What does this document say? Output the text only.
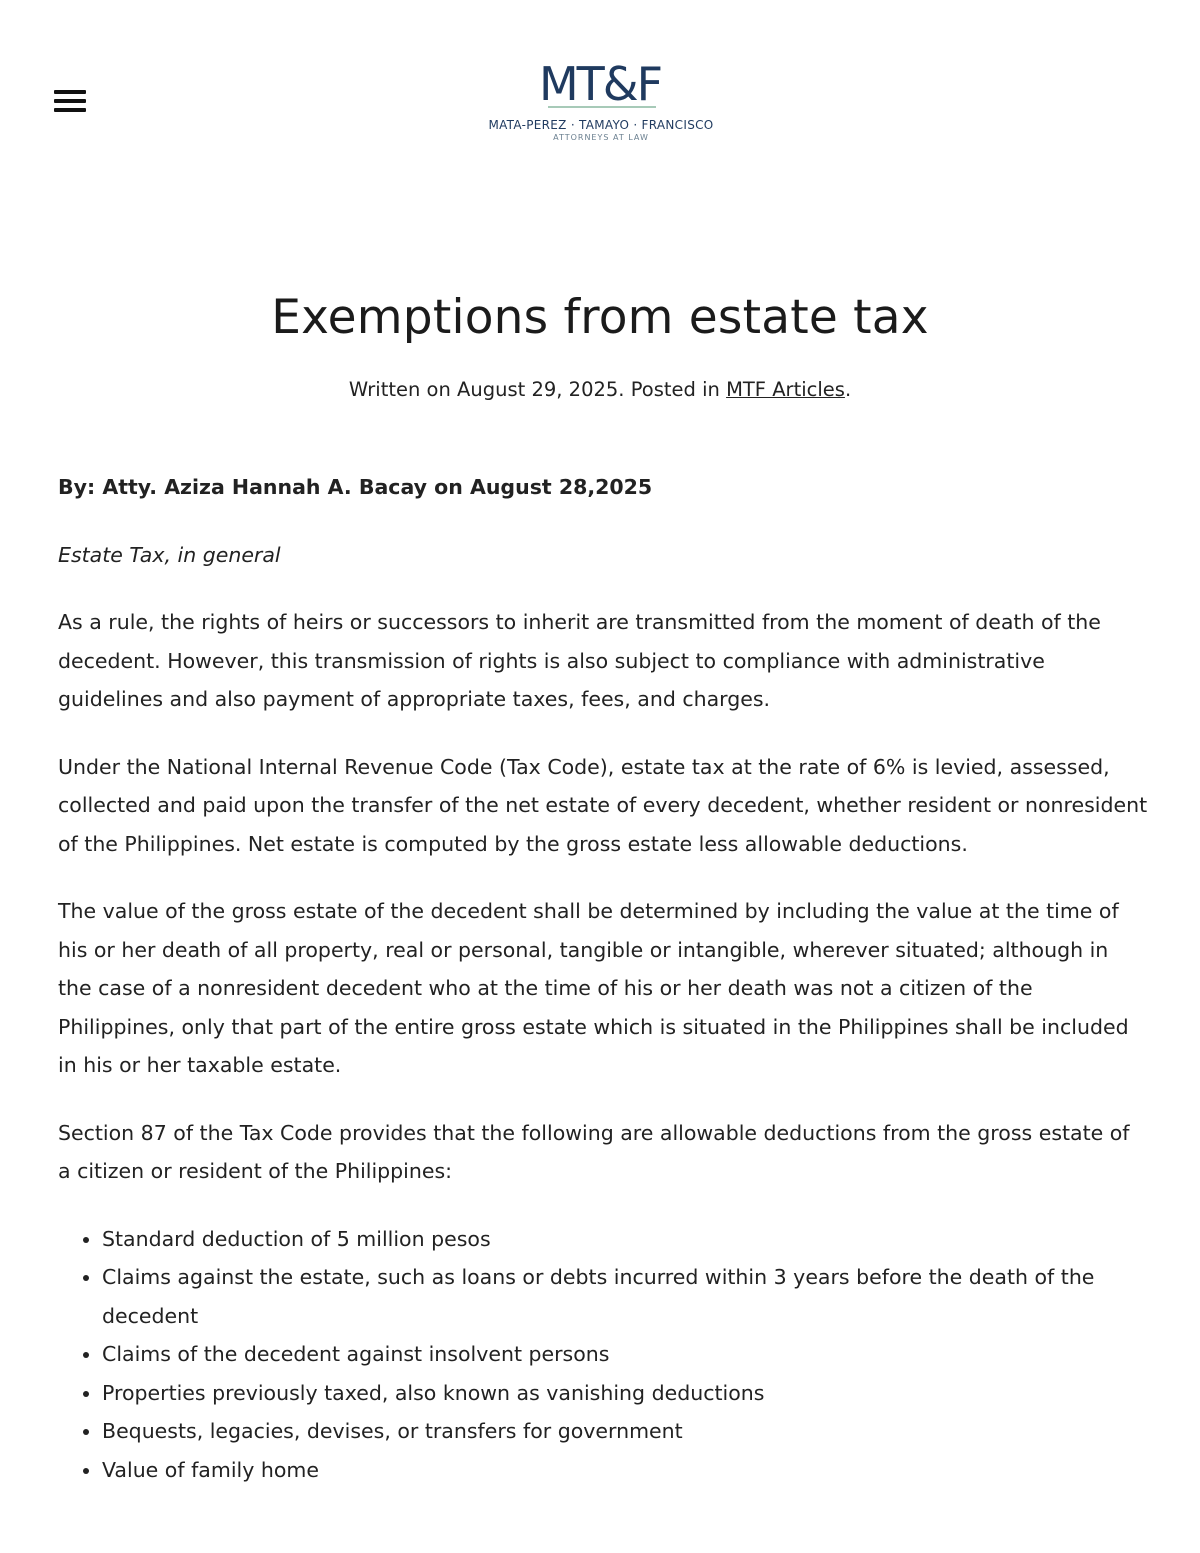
MT&F
MATA-PEREZ · TAMAYO · FRANCISCO
ATTORNEYS AT LAW
Exemptions from estate tax
Written on August 29, 2025. Posted in MTF Articles.

By: Atty. Aziza Hannah A. Bacay on August 28,2025

Estate Tax, in general

As a rule, the rights of heirs or successors to inherit are transmitted from the moment of death of the decedent. However, this transmission of rights is also subject to compliance with administrative guidelines and also payment of appropriate taxes, fees, and charges.

Under the National Internal Revenue Code (Tax Code), estate tax at the rate of 6% is levied, assessed, collected and paid upon the transfer of the net estate of every decedent, whether resident or nonresident of the Philippines. Net estate is computed by the gross estate less allowable deductions.

The value of the gross estate of the decedent shall be determined by including the value at the time of his or her death of all property, real or personal, tangible or intangible, wherever situated; although in the case of a nonresident decedent who at the time of his or her death was not a citizen of the Philippines, only that part of the entire gross estate which is situated in the Philippines shall be included in his or her taxable estate.

Section 87 of the Tax Code provides that the following are allowable deductions from the gross estate of a citizen or resident of the Philippines:

• Standard deduction of 5 million pesos
• Claims against the estate, such as loans or debts incurred within 3 years before the death of the decedent
• Claims of the decedent against insolvent persons
• Properties previously taxed, also known as vanishing deductions
• Bequests, legacies, devises, or transfers for government
• Value of family home
